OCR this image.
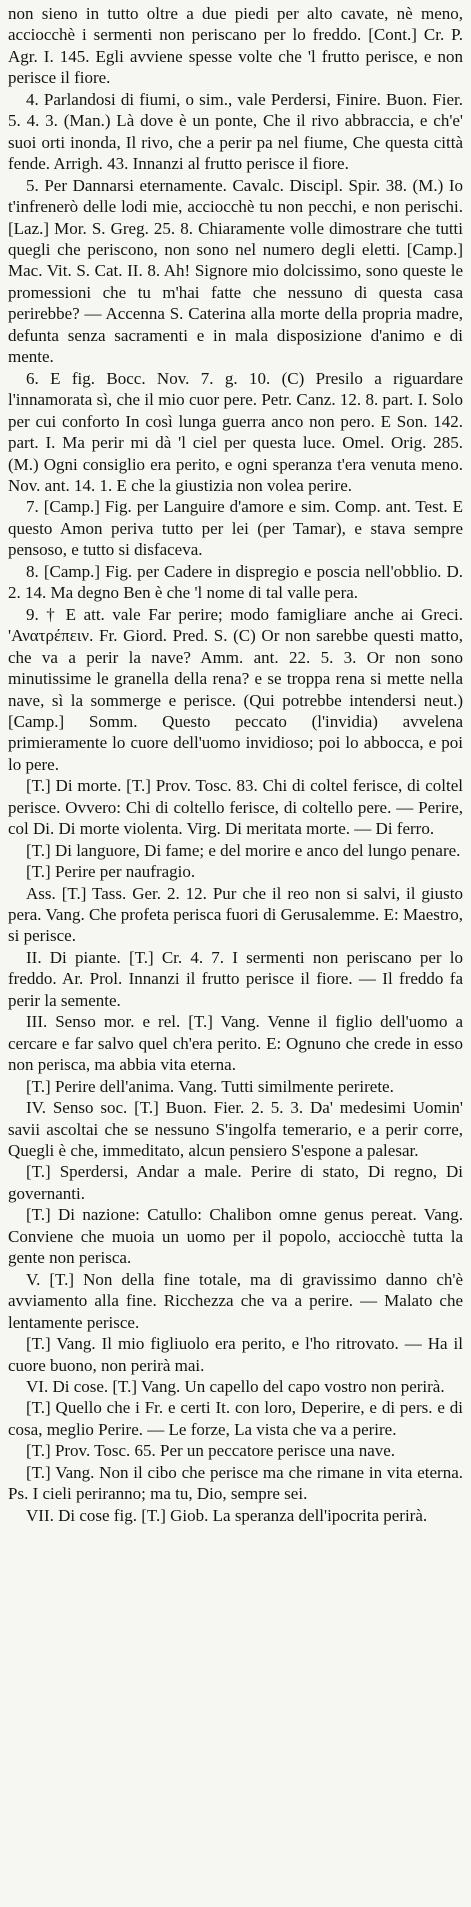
non sieno in tutto oltre a due piedi per alto cavate, nè meno, acciocchè i sermenti non periscano per lo freddo. [Cont.] Cr. P. Agr. I. 145. Egli avviene spesse volte che 'l frutto perisce, e non perisce il fiore.

4. Parlandosi di fiumi, o sim., vale Perdersi, Finire. Buon. Fier. 5. 4. 3. (Man.) Là dove è un ponte, Che il rivo abbraccia, e ch'e' suoi orti inonda, Il rivo, che a perir pa nel fiume, Che questa città fende. Arrigh. 43. Innanzi al frutto perisce il fiore.

5. Per Dannarsi eternamente. Cavalc. Discipl. Spir. 38. (M.) Io t'infrenerò delle lodi mie, acciocchè tu non pecchi, e non perischi. [Laz.] Mor. S. Greg. 25. 8. Chiaramente volle dimostrare che tutti quegli che periscono, non sono nel numero degli eletti. [Camp.] Mac. Vit. S. Cat. II. 8. Ah! Signore mio dolcissimo, sono queste le promessioni che tu m'hai fatte che nessuno di questa casa perirebbe? — Accenna S. Caterina alla morte della propria madre, defunta senza sacramenti e in mala disposizione d'animo e di mente.

6. E fig. Bocc. Nov. 7. g. 10. (C) Presilo a riguardare l'innamorata sì, che il mio cuor pere. Petr. Canz. 12. 8. part. I. Solo per cui conforto In così lunga guerra anco non pero. E Son. 142. part. I. Ma perir mi dà 'l ciel per questa luce. Omel. Orig. 285. (M.) Ogni consiglio era perito, e ogni speranza t'era venuta meno. Nov. ant. 14. 1. E che la giustizia non volea perire.

7. [Camp.] Fig. per Languire d'amore e sim. Comp. ant. Test. E questo Amon periva tutto per lei (per Tamar), e stava sempre pensoso, e tutto si disfaceva.

8. [Camp.] Fig. per Cadere in dispregio e poscia nell'obblio. D. 2. 14. Ma degno Ben è che 'l nome di tal valle pera.

9. † E att. vale Far perire; modo famigliare anche ai Greci. 'Ανατρέπειν. Fr. Giord. Pred. S. (C) Or non sarebbe questi matto, che va a perir la nave? Amm. ant. 22. 5. 3. Or non sono minutissime le granella della rena? e se troppa rena si mette nella nave, sì la sommerge e perisce. (Qui potrebbe intendersi neut.) [Camp.] Somm. Questo peccato (l'invidia) avvelena primieramente lo cuore dell'uomo invidioso; poi lo abbocca, e poi lo pere.

[T.] Di morte. [T.] Prov. Tosc. 83. Chi di coltel ferisce, di coltel perisce. Ovvero: Chi di coltello ferisce, di coltello pere. — Perire, col Di. Di morte violenta. Virg. Di meritata morte. — Di ferro.

[T.] Di languore, Di fame; e del morire e anco del lungo penare.

[T.] Perire per naufragio.

Ass. [T.] Tass. Ger. 2. 12. Pur che il reo non si salvi, il giusto pera. Vang. Che profeta perisca fuori di Gerusalemme. E: Maestro, si perisce.

II. Di piante. [T.] Cr. 4. 7. I sermenti non periscano per lo freddo. Ar. Prol. Innanzi il frutto perisce il fiore. — Il freddo fa perir la semente.

III. Senso mor. e rel. [T.] Vang. Venne il figlio dell'uomo a cercare e far salvo quel ch'era perito. E: Ognuno che crede in esso non perisca, ma abbia vita eterna.

[T.] Perire dell'anima. Vang. Tutti similmente perirete.

IV. Senso soc. [T.] Buon. Fier. 2. 5. 3. Da' medesimi Uomin' savii ascoltai che se nessuno S'ingolfa temerario, e a perir corre, Quegli è che, immeditato, alcun pensiero S'espone a palesar.

[T.] Sperdersi, Andar a male. Perire di stato, Di regno, Di governanti.

[T.] Di nazione: Catullo: Chalibon omne genus pereat. Vang. Conviene che muoia un uomo per il popolo, acciocchè tutta la gente non perisca.

V. [T.] Non della fine totale, ma di gravissimo danno ch'è avviamento alla fine. Ricchezza che va a perire. — Malato che lentamente perisce.

[T.] Vang. Il mio figliuolo era perito, e l'ho ritrovato. — Ha il cuore buono, non perirà mai.

VI. Di cose. [T.] Vang. Un capello del capo vostro non perirà.

[T.] Quello che i Fr. e certi It. con loro, Deperire, e di pers. e di cosa, meglio Perire. — Le forze, La vista che va a perire.

[T.] Prov. Tosc. 65. Per un peccatore perisce una nave.

[T.] Vang. Non il cibo che perisce ma che rimane in vita eterna. Ps. I cieli periranno; ma tu, Dio, sempre sei.

VII. Di cose fig. [T.] Giob. La speranza dell'ipocrita perirà.
